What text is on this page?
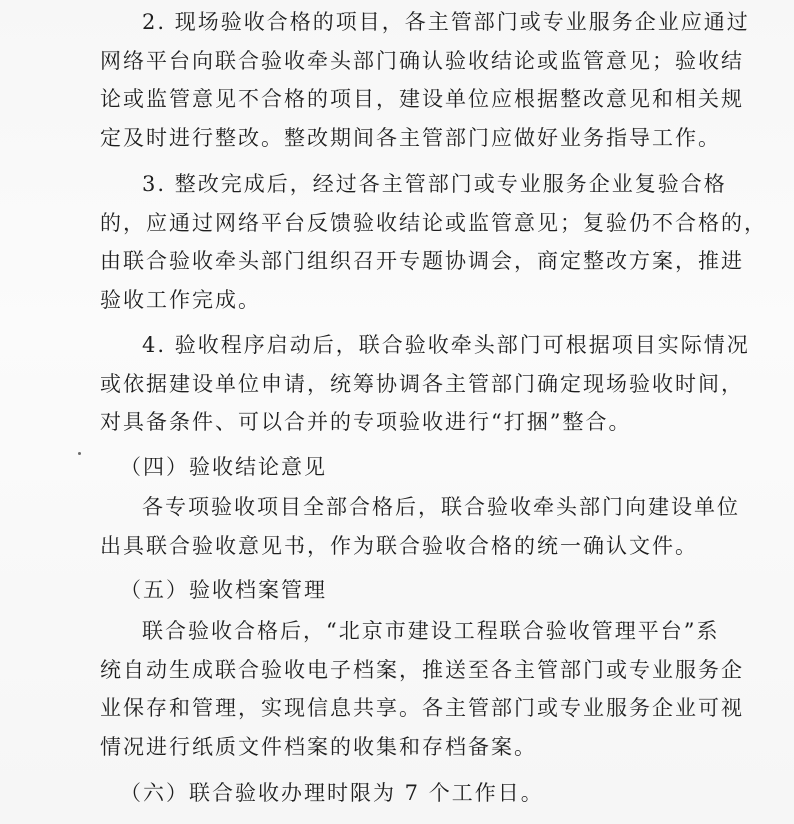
2. 现场验收合格的项目，各主管部门或专业服务企业应通过
网络平台向联合验收牵头部门确认验收结论或监管意见；验收结
论或监管意见不合格的项目，建设单位应根据整改意见和相关规
定及时进行整改。整改期间各主管部门应做好业务指导工作。
3. 整改完成后，经过各主管部门或专业服务企业复验合格
的，应通过网络平台反馈验收结论或监管意见；复验仍不合格的，
由联合验收牵头部门组织召开专题协调会，商定整改方案，推进
验收工作完成。
4. 验收程序启动后，联合验收牵头部门可根据项目实际情况
或依据建设单位申请，统筹协调各主管部门确定现场验收时间，
对具备条件、可以合并的专项验收进行“打捆”整合。
（四）验收结论意见
各专项验收项目全部合格后，联合验收牵头部门向建设单位
出具联合验收意见书，作为联合验收合格的统一确认文件。
（五）验收档案管理
联合验收合格后，“北京市建设工程联合验收管理平台”系
统自动生成联合验收电子档案，推送至各主管部门或专业服务企
业保存和管理，实现信息共享。各主管部门或专业服务企业可视
情况进行纸质文件档案的收集和存档备案。
（六）联合验收办理时限为 7 个工作日。
